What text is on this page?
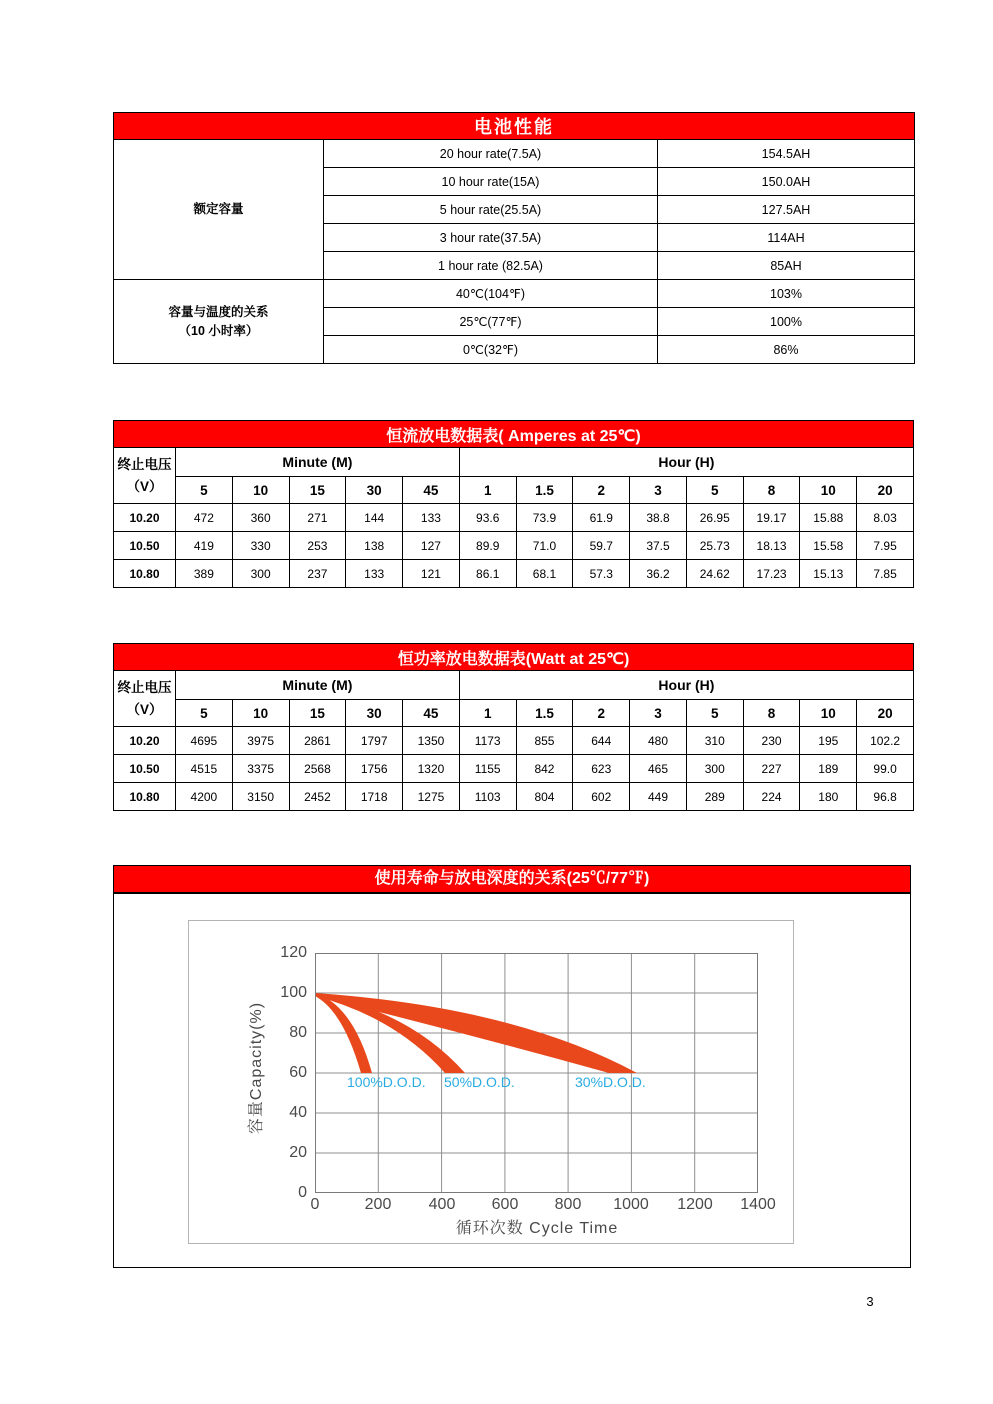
电池性能		
额定容量	20 hour rate(7.5A)	154.5AH
	10 hour rate(15A)	150.0AH
	5 hour rate(25.5A)	127.5AH
	3 hour rate(37.5A)	114AH
	1 hour rate (82.5A)	85AH

容量与温度的关系
（10 小时率）	40℃(104℉)	103%
	25℃(77℉)	100%
	0℃(32℉)	86%
恒流放电数据表( Amperes at 25℃)													

终止电压
（V）	Minute (M)					Hour (H)							
	5	10	15	30	45	1	1.5	2	3	5	8	10	20
10.20	472	360	271	144	133	93.6	73.9	61.9	38.8	26.95	19.17	15.88	8.03
10.50	419	330	253	138	127	89.9	71.0	59.7	37.5	25.73	18.13	15.58	7.95
10.80	389	300	237	133	121	86.1	68.1	57.3	36.2	24.62	17.23	15.13	7.85
恒功率放电数据表(Watt at 25℃)													

终止电压
（V）	Minute (M)					Hour (H)							
	5	10	15	30	45	1	1.5	2	3	5	8	10	20
10.20	4695	3975	2861	1797	1350	1173	855	644	480	310	230	195	102.2
10.50	4515	3375	2568	1756	1320	1155	842	623	465	300	227	189	99.0
10.80	4200	3150	2452	1718	1275	1103	804	602	449	289	224	180	96.8
使用寿命与放电深度的关系(25℃/77℉)
容量Capacity(%)
120
100
80
60
40
20
0
100%D.O.D. 50%D.O.D.	30%D.O.D.
0	200	400	600	800	1000	1200	1400
循环次数 Cycle Time
3
